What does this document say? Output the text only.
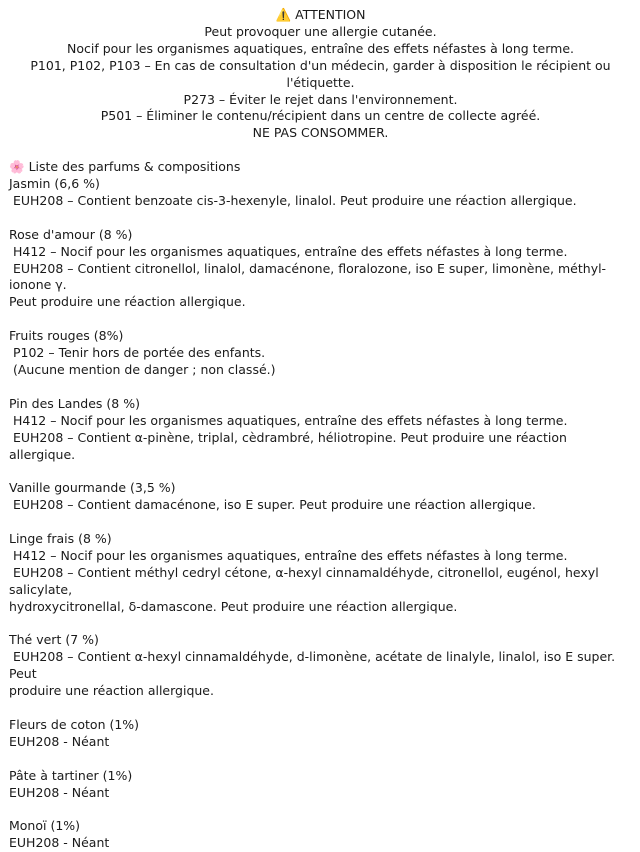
⚠️ ATTENTION
Peut provoquer une allergie cutanée.
Nocif pour les organismes aquatiques, entraîne des effets néfastes à long terme.
P101, P102, P103 – En cas de consultation d'un médecin, garder à disposition le récipient ou l'étiquette.
P273 – Éviter le rejet dans l'environnement.
P501 – Éliminer le contenu/récipient dans un centre de collecte agréé.
NE PAS CONSOMMER.
🌸 Liste des parfums & compositions
Jasmin (6,6 %)
EUH208 – Contient benzoate cis-3-hexenyle, linalol. Peut produire une réaction allergique.
Rose d'amour (8 %)
H412 – Nocif pour les organismes aquatiques, entraîne des effets néfastes à long terme.
EUH208 – Contient citronellol, linalol, damacénone, floralozone, iso E super, limonène, méthyl-ionone γ.
Peut produire une réaction allergique.
Fruits rouges (8%)
P102 – Tenir hors de portée des enfants.
(Aucune mention de danger ; non classé.)
Pin des Landes (8 %)
H412 – Nocif pour les organismes aquatiques, entraîne des effets néfastes à long terme.
EUH208 – Contient α-pinène, triplal, cèdrambré, héliotropine. Peut produire une réaction allergique.
Vanille gourmande (3,5 %)
EUH208 – Contient damacénone, iso E super. Peut produire une réaction allergique.
Linge frais (8 %)
H412 – Nocif pour les organismes aquatiques, entraîne des effets néfastes à long terme.
EUH208 – Contient méthyl cedryl cétone, α-hexyl cinnamaldéhyde, citronellol, eugénol, hexyl salicylate,
hydroxycitronellal, δ-damascone. Peut produire une réaction allergique.
Thé vert (7 %)
EUH208 – Contient α-hexyl cinnamaldéhyde, d-limonène, acétate de linalyle, linalol, iso E super. Peut
produire une réaction allergique.
Fleurs de coton (1%)
EUH208 - Néant
Pâte à tartiner (1%)
EUH208 - Néant
Monoï (1%)
EUH208 - Néant
